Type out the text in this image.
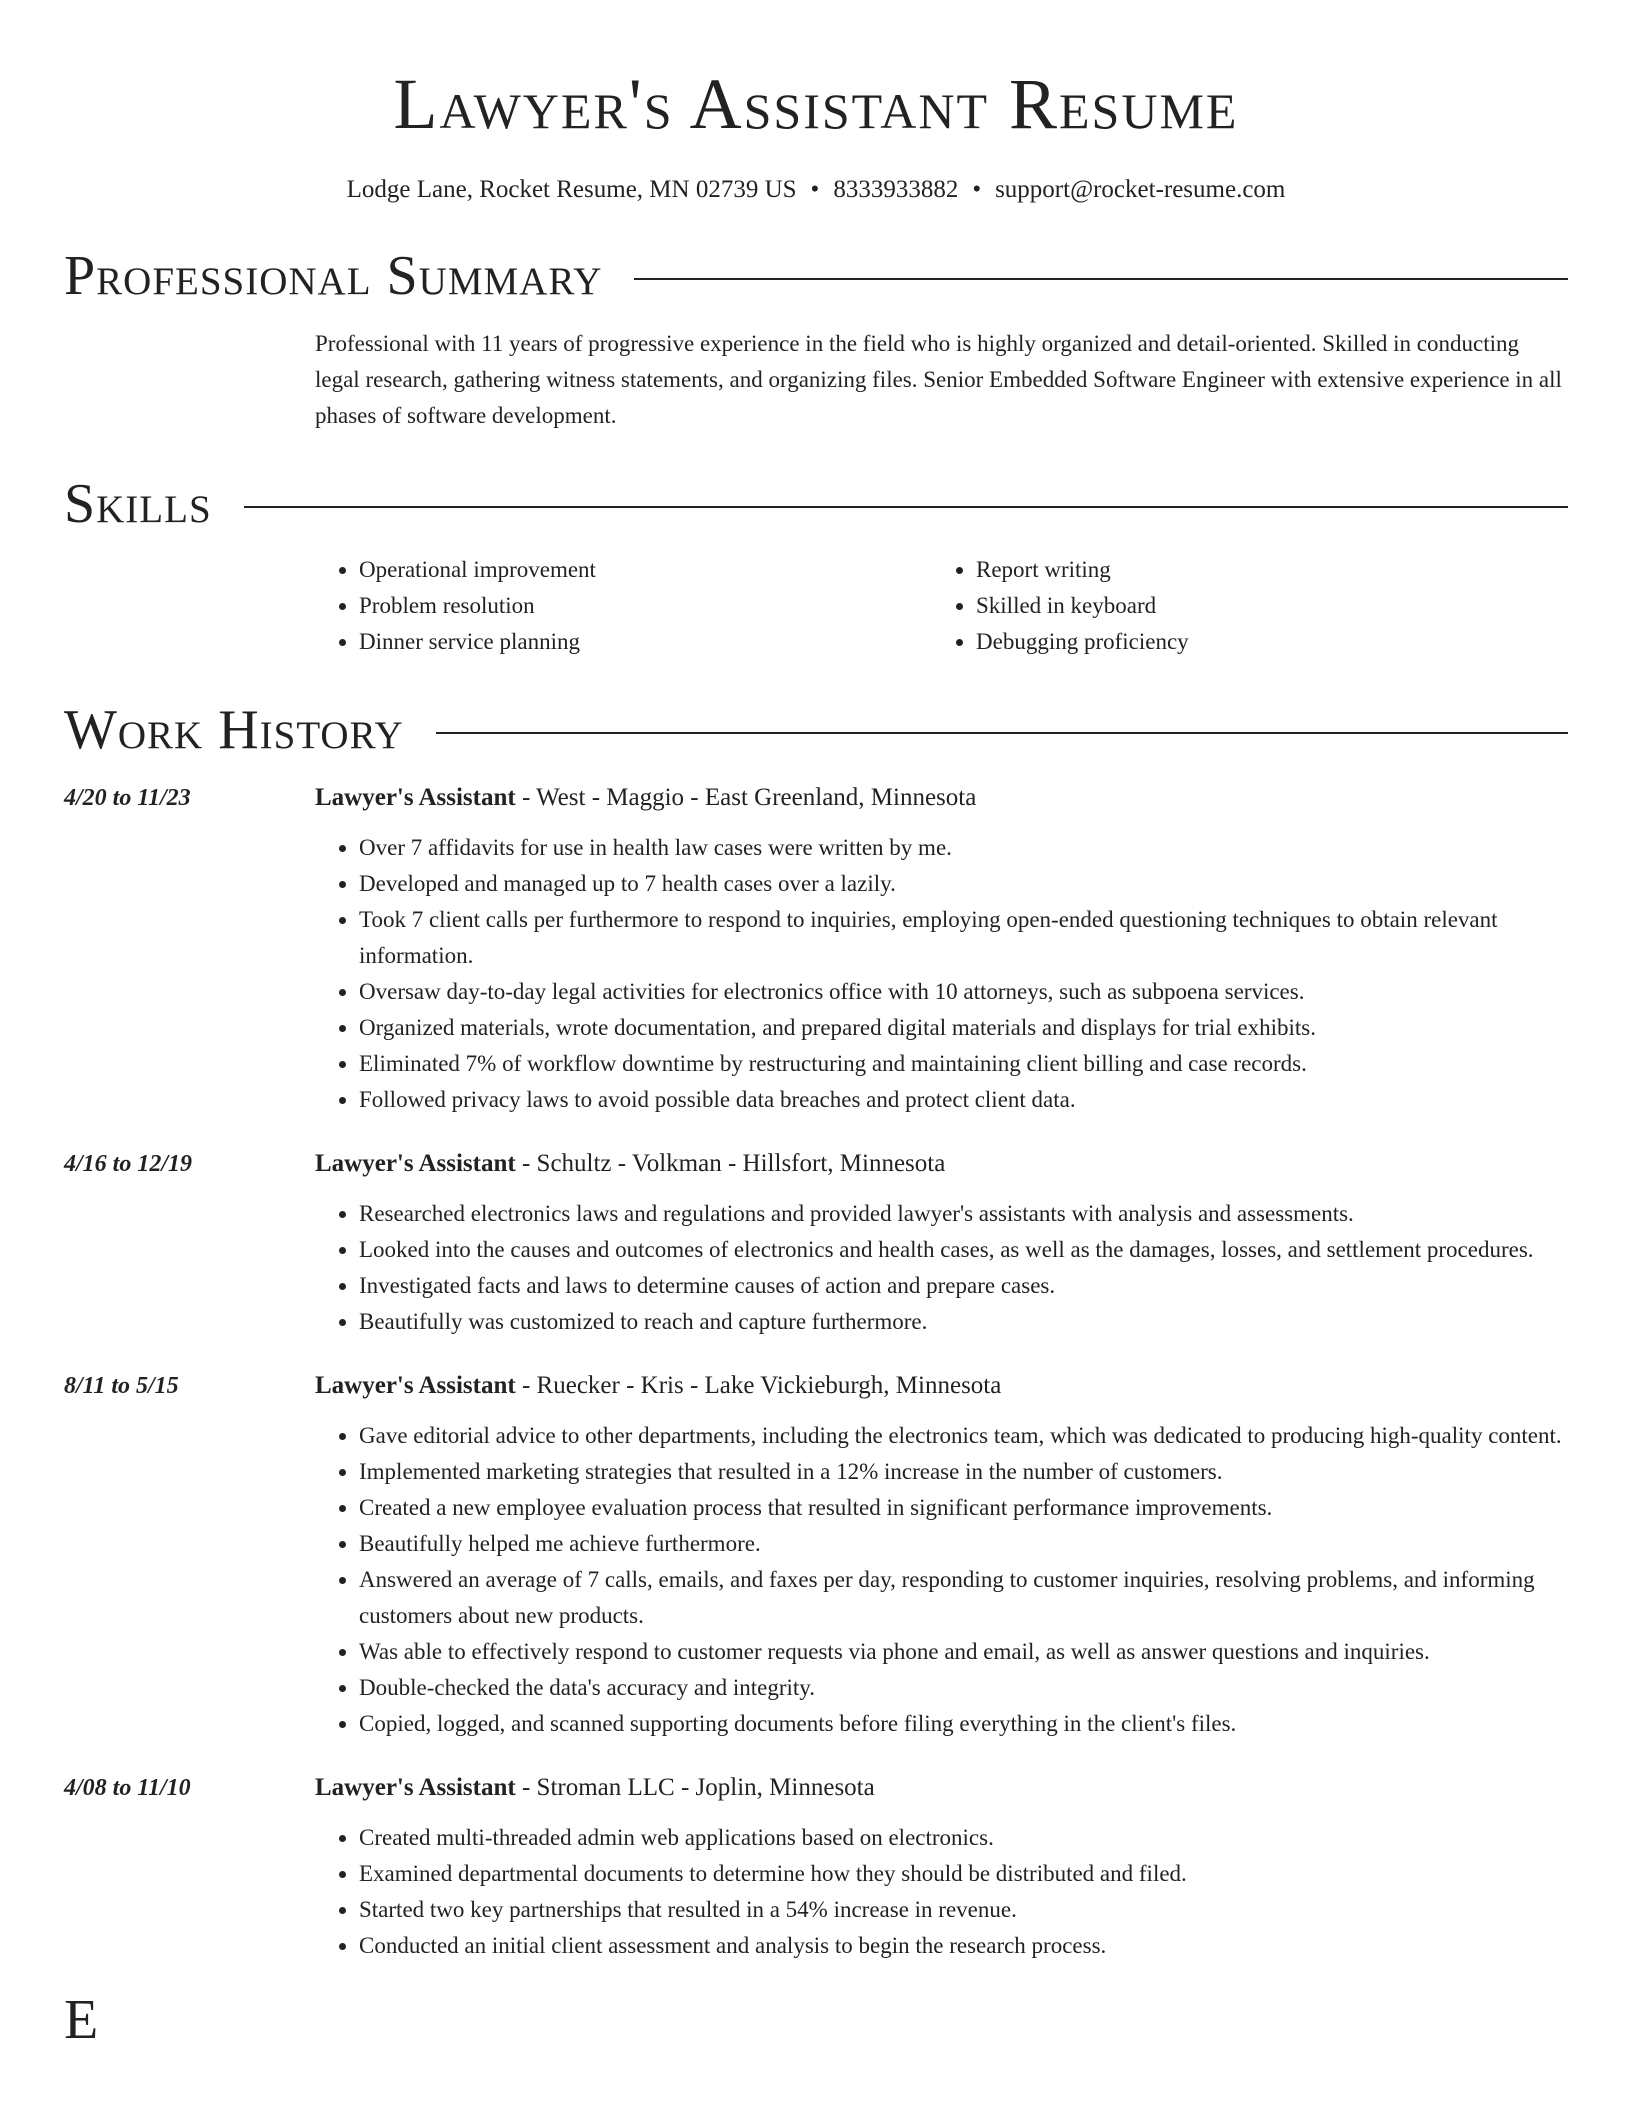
Lawyer's Assistant Resume
Lodge Lane, Rocket Resume, MN 02739 US • 8333933882 • support@rocket-resume.com
Professional Summary
Professional with 11 years of progressive experience in the field who is highly organized and detail-oriented. Skilled in conducting legal research, gathering witness statements, and organizing files. Senior Embedded Software Engineer with extensive experience in all phases of software development.
Skills
• Operational improvement
• Problem resolution
• Dinner service planning
• Report writing
• Skilled in keyboard
• Debugging proficiency
Work History
4/20 to 11/23	Lawyer's Assistant - West - Maggio - East Greenland, Minnesota
• Over 7 affidavits for use in health law cases were written by me.
• Developed and managed up to 7 health cases over a lazily.
• Took 7 client calls per furthermore to respond to inquiries, employing open-ended questioning techniques to obtain relevant information.
• Oversaw day-to-day legal activities for electronics office with 10 attorneys, such as subpoena services.
• Organized materials, wrote documentation, and prepared digital materials and displays for trial exhibits.
• Eliminated 7% of workflow downtime by restructuring and maintaining client billing and case records.
• Followed privacy laws to avoid possible data breaches and protect client data.
4/16 to 12/19	Lawyer's Assistant - Schultz - Volkman - Hillsfort, Minnesota
• Researched electronics laws and regulations and provided lawyer's assistants with analysis and assessments.
• Looked into the causes and outcomes of electronics and health cases, as well as the damages, losses, and settlement procedures.
• Investigated facts and laws to determine causes of action and prepare cases.
• Beautifully was customized to reach and capture furthermore.
8/11 to 5/15	Lawyer's Assistant - Ruecker - Kris - Lake Vickieburgh, Minnesota
• Gave editorial advice to other departments, including the electronics team, which was dedicated to producing high-quality content.
• Implemented marketing strategies that resulted in a 12% increase in the number of customers.
• Created a new employee evaluation process that resulted in significant performance improvements.
• Beautifully helped me achieve furthermore.
• Answered an average of 7 calls, emails, and faxes per day, responding to customer inquiries, resolving problems, and informing customers about new products.
• Was able to effectively respond to customer requests via phone and email, as well as answer questions and inquiries.
• Double-checked the data's accuracy and integrity.
• Copied, logged, and scanned supporting documents before filing everything in the client's files.
4/08 to 11/10	Lawyer's Assistant - Stroman LLC - Joplin, Minnesota
• Created multi-threaded admin web applications based on electronics.
• Examined departmental documents to determine how they should be distributed and filed.
• Started two key partnerships that resulted in a 54% increase in revenue.
• Conducted an initial client assessment and analysis to begin the research process.
E
